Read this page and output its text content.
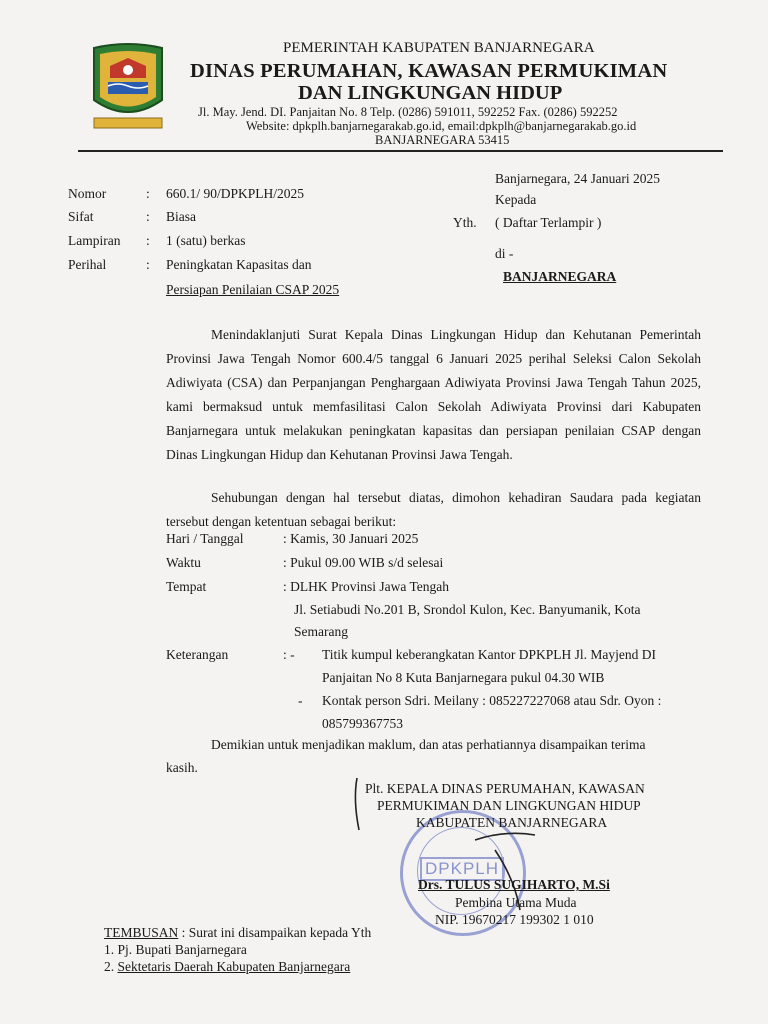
PEMERINTAH KABUPATEN BANJARNEGARA
DINAS PERUMAHAN, KAWASAN PERMUKIMAN
DAN LINGKUNGAN HIDUP
Jl. May. Jend. DI. Panjaitan No. 8 Telp. (0286) 591011, 592252 Fax. (0286) 592252
Website: dpkplh.banjarnegarakab.go.id, email:dpkplh@banjarnegarakab.go.id
BANJARNEGARA 53415
Nomor	: 660.1/ 90/DPKPLH/2025
Sifat	: Biasa
Lampiran : 1 (satu) berkas
Perihal	: Peningkatan Kapasitas dan
Persiapan Penilaian CSAP 2025
Banjarnegara, 24 Januari 2025
Kepada
Yth. ( Daftar Terlampir )
di -
BANJARNEGARA
Menindaklanjuti Surat Kepala Dinas Lingkungan Hidup dan Kehutanan Pemerintah Provinsi Jawa Tengah Nomor 600.4/5 tanggal 6 Januari 2025 perihal Seleksi Calon Sekolah Adiwiyata (CSA) dan Perpanjangan Penghargaan Adiwiyata Provinsi Jawa Tengah Tahun 2025, kami bermaksud untuk memfasilitasi Calon Sekolah Adiwiyata Provinsi dari Kabupaten Banjarnegara untuk melakukan peningkatan kapasitas dan persiapan penilaian CSAP dengan Dinas Lingkungan Hidup dan Kehutanan Provinsi Jawa Tengah.
Sehubungan dengan hal tersebut diatas, dimohon kehadiran Saudara pada kegiatan tersebut dengan ketentuan sebagai berikut:
Hari / Tanggal	: Kamis, 30 Januari 2025
Waktu	: Pukul 09.00 WIB s/d selesai
Tempat	: DLHK Provinsi Jawa Tengah
Jl. Setiabudi No.201 B, Srondol Kulon, Kec. Banyumanik, Kota
Semarang
Keterangan	: - Titik kumpul keberangkatan Kantor DPKPLH Jl. Mayjend DI
Panjaitan No 8 Kuta Banjarnegara pukul 04.30 WIB
- Kontak person Sdri. Meilany : 085227227068 atau Sdr. Oyon :
085799367753
Demikian untuk menjadikan maklum, dan atas perhatiannya disampaikan terima
kasih.
DPKPLH
Plt. KEPALA DINAS PERUMAHAN, KAWASAN
PERMUKIMAN DAN LINGKUNGAN HIDUP
KABUPATEN BANJARNEGARA
Drs. TULUS SUGIHARTO, M.Si
Pembina Utama Muda
NIP. 19670217 199302 1 010
TEMBUSAN : Surat ini disampaikan kepada Yth
1. Pj. Bupati Banjarnegara
2. Sektetaris Daerah Kabupaten Banjarnegara
